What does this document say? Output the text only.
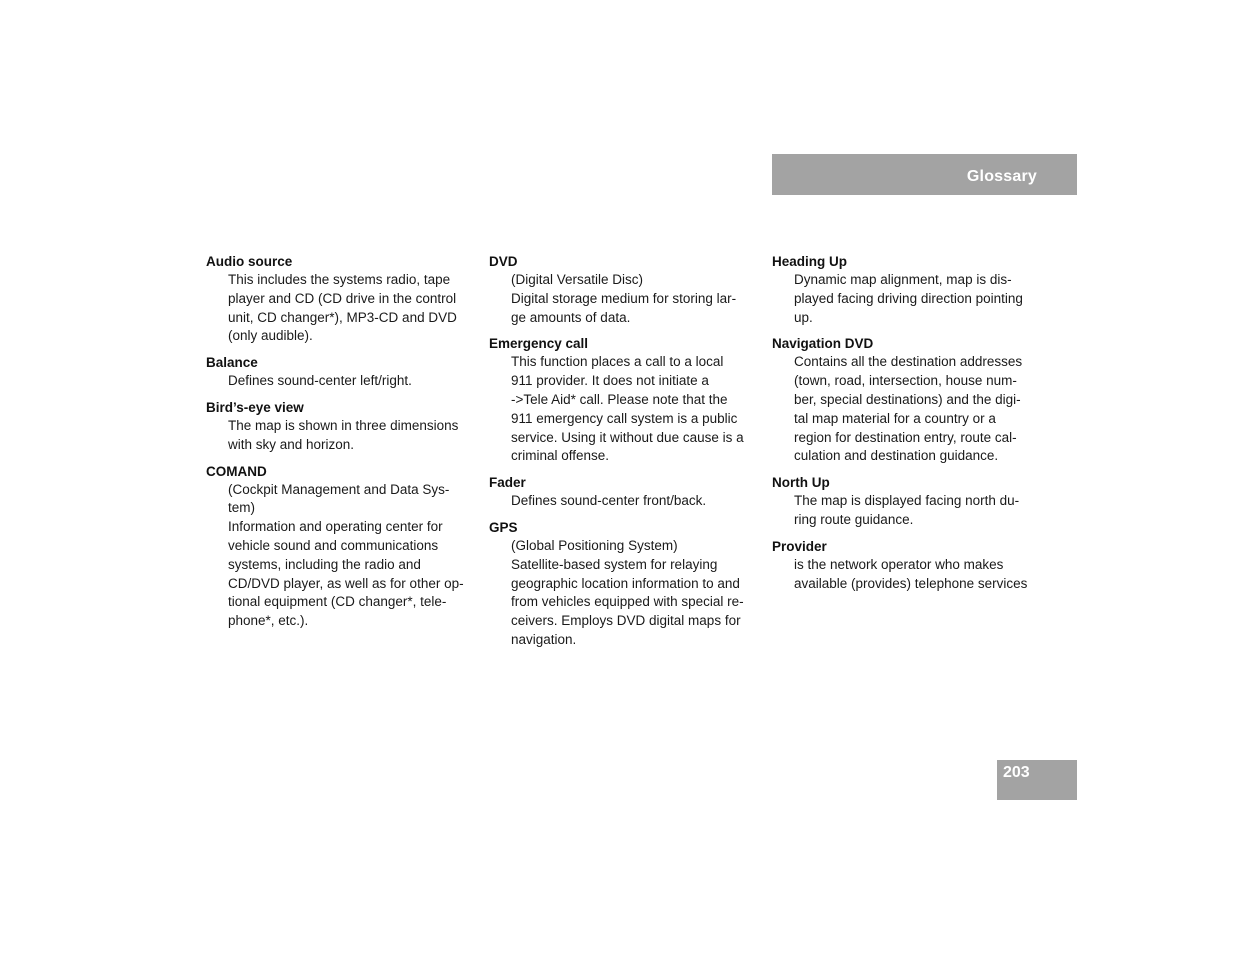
Glossary
Audio source
This includes the systems radio, tape
player and CD (CD drive in the control
unit, CD changer*), MP3-CD and DVD
(only audible).
Balance
Defines sound-center left/right.
Bird’s-eye view
The map is shown in three dimensions
with sky and horizon.
COMAND
(Cockpit Management and Data Sys-
tem)
Information and operating center for
vehicle sound and communications
systems, including the radio and
CD/DVD player, as well as for other op-
tional equipment (CD changer*, tele-
phone*, etc.).
DVD
(Digital Versatile Disc)
Digital storage medium for storing lar-
ge amounts of data.
Emergency call
This function places a call to a local
911 provider. It does not initiate a
->Tele Aid* call. Please note that the
911 emergency call system is a public
service. Using it without due cause is a
criminal offense.
Fader
Defines sound-center front/back.
GPS
(Global Positioning System)
Satellite-based system for relaying
geographic location information to and
from vehicles equipped with special re-
ceivers. Employs DVD digital maps for
navigation.
Heading Up
Dynamic map alignment, map is dis-
played facing driving direction pointing
up.
Navigation DVD
Contains all the destination addresses
(town, road, intersection, house num-
ber, special destinations) and the digi-
tal map material for a country or a
region for destination entry, route cal-
culation and destination guidance.
North Up
The map is displayed facing north du-
ring route guidance.
Provider
is the network operator who makes
available (provides) telephone services
203
